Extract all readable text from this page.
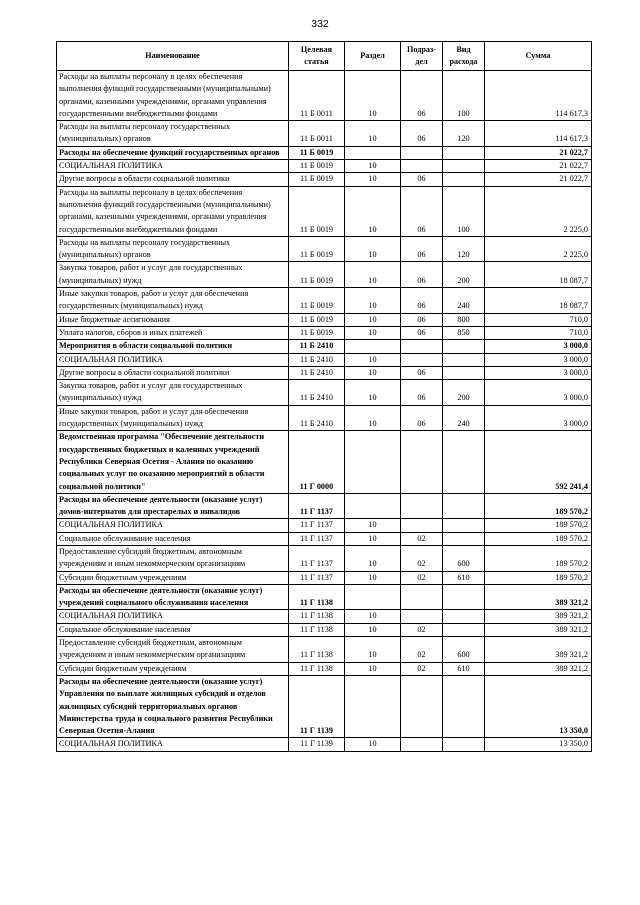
332
Наименование	Целевая статья	Раздел	Подраз-дел	Вид расхода	Сумма
Расходы на выплаты персоналу в целях обеспечения выполнения функций государственными (муниципальными) органами, казенными учреждениями, органами управления государственными внебюджетными фондами	11 Б 0011	10	06	100	114 617,3
Расходы на выплаты персоналу государственных (муниципальных) органов	11 Б 0011	10	06	120	114 617,3
Расходы на обеспечение функций государственных органов	11 Б 0019				21 022,7
СОЦИАЛЬНАЯ ПОЛИТИКА	11 Б 0019	10			21 022,7
Другие вопросы в области социальной политики	11 Б 0019	10	06		21 022,7
Расходы на выплаты персоналу в целях обеспечения выполнения функций государственными (муниципальными) органами, казенными учреждениями, органами управления государственными внебюджетными фондами	11 Б 0019	10	06	100	2 225,0
Расходы на выплаты персоналу государственных (муниципальных) органов	11 Б 0019	10	06	120	2 225,0
Закупка товаров, работ и услуг для государственных (муниципальных) нужд	11 Б 0019	10	06	200	18 087,7
Иные закупки товаров, работ и услуг для обеспечения государственных (муниципальных) нужд	11 Б 0019	10	06	240	18 087,7
Иные бюджетные ассигнования	11 Б 0019	10	06	800	710,0
Уплата налогов, сборов и иных платежей	11 Б 0019	10	06	850	710,0
Мероприятия в области социальной политики	11 Б 2410				3 000,0
СОЦИАЛЬНАЯ ПОЛИТИКА	11 Б 2410	10			3 000,0
Другие вопросы в области социальной политики	11 Б 2410	10	06		3 000,0
Закупка товаров, работ и услуг для государственных (муниципальных) нужд	11 Б 2410	10	06	200	3 000,0
Иные закупки товаров, работ и услуг для обеспечения государственных (муниципальных) нужд	11 Б 2410	10	06	240	3 000,0
Ведомственная программа "Обеспечение деятельности государственных бюджетных и каленных учреждений Республики Северная Осетия - Алания по оказанию социальных услуг по оказанию мероприятий в области социальной политики"	11 Г 0000				592 241,4
Расходы на обеспечение деятельности (оказание услуг) домов-интернатов для престарелых и инвалидов	11 Г 1137				189 570,2
СОЦИАЛЬНАЯ ПОЛИТИКА	11 Г 1137	10			189 570,2
Социальное обслуживание населения	11 Г 1137	10	02		189 570,2
Предоставление субсидий бюджетным, автономным учреждениям и иным некоммерческим организациям	11 Г 1137	10	02	600	189 570,2
Субсидии бюджетным учреждениям	11 Г 1137	10	02	610	189 570,2
Расходы на обеспечение деятельности (оказание услуг) учреждений социального обслуживания населения	11 Г 1138				389 321,2
СОЦИАЛЬНАЯ ПОЛИТИКА	11 Г 1138	10			389 321,2
Социальное обслуживание населения	11 Г 1138	10	02		389 321,2
Предоставление субсидий бюджетным, автономным учреждениям и иным некоммерческим организациям	11 Г 1138	10	02	600	389 321,2
Субсидии бюджетным учреждениям	11 Г 1138	10	02	610	389 321,2
Расходы на обеспечение деятельности (оказание услуг) Управления по выплате жилищных субсидий и отделов жилищных субсидий территориальных органов Министерства труда и социального развития Республики Северная Осетия-Алания	11 Г 1139				13 350,0
СОЦИАЛЬНАЯ ПОЛИТИКА	11 Г 1139	10			13 350,0
